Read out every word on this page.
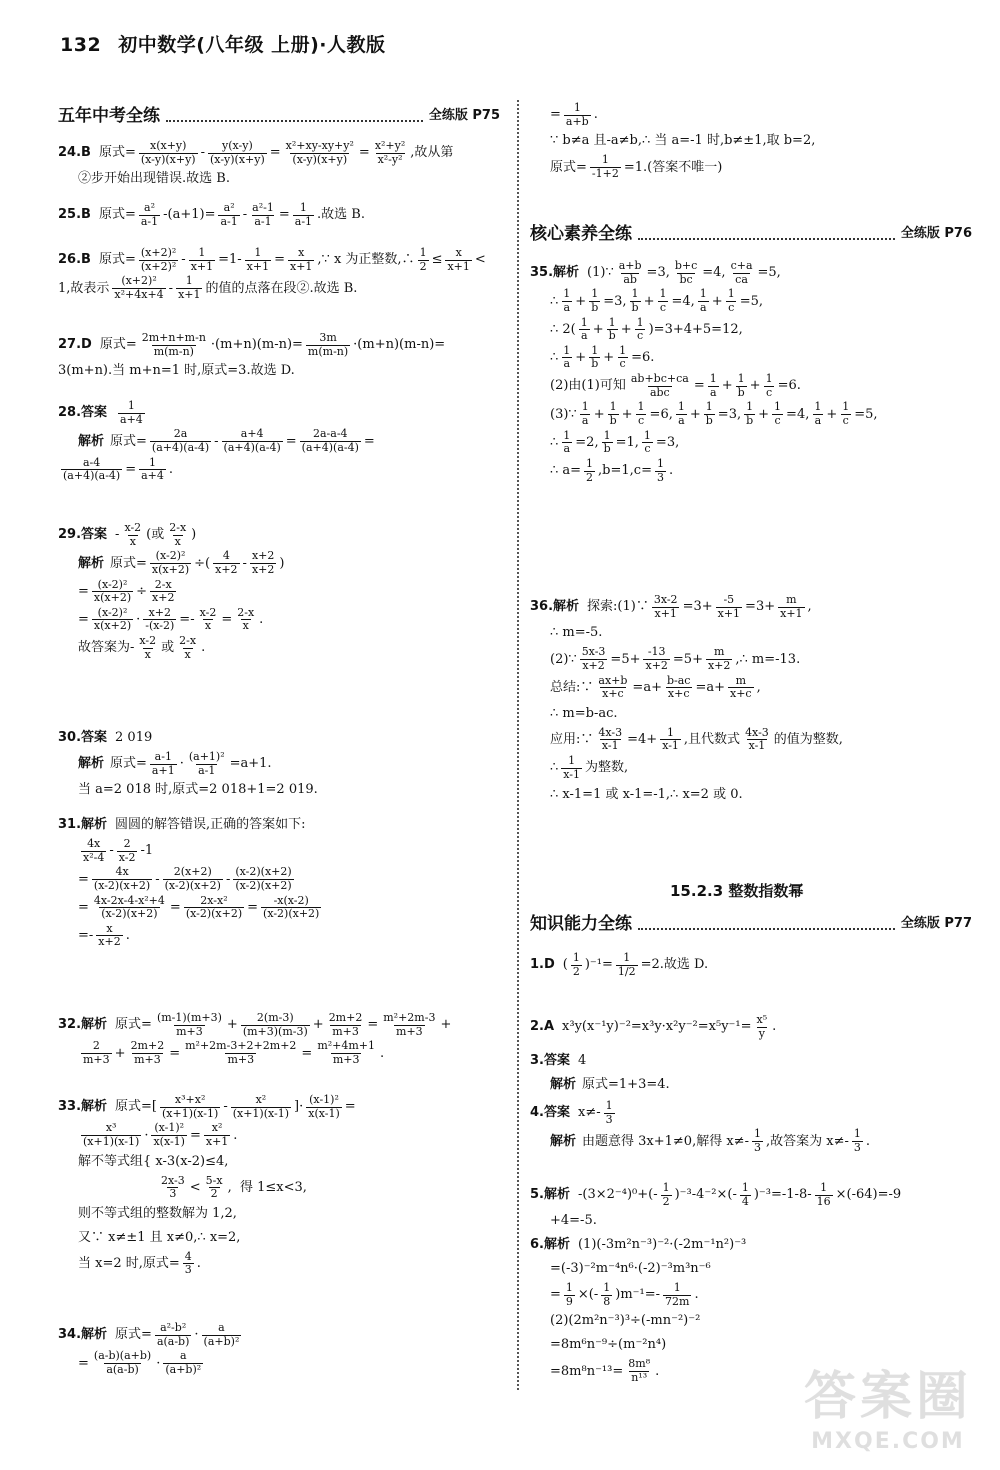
132 初中数学(八年级 上册)·人教版
五年中考全练	全练版 P75
24.B 原式= $\frac{x(x+y)}{(x-y)(x+y)} - \frac{y(x-y)}{(x-y)(x+y)} = \frac{\text{x²+xy-xy+y²}}{(x-y)(x+y)} = \frac{\text{x²+y²}}{\text{x²-y²}}$ ,故从第
②步开始出现错误.故选 B.
25.B 原式= $\frac{\text{a²}}{a-1} -(a+1)= \frac{\text{a²}}{a-1} - \frac{\text{a²-1}}{a-1} = \frac{1}{a-1}$ .故选 B.
26.B 原式= $\frac{\text{(x+2)²}}{\text{(x+2)²}} - \frac{1}{x+1} =1- \frac{1}{x+1} = \frac{x}{x+1}$ ,∵ x 为正整数,∴ $\frac{1}{2} \le \frac{x}{x+1}$ <
1,故表示 $\frac{\text{(x+2)²}}{\text{x²+4x+4}} - \frac{1}{x+1}$ 的值的点落在段②.故选 B.
27.D 原式= $\frac{2m+n+m-n}{m(m-n)} \cdot(m+n)(m-n)= \frac{3m}{m(m-n)} \cdot(m+n)(m-n)=$
3(m+n).当 m+n=1 时,原式=3.故选 D.
28.答案 $\frac{1}{a+4}$
解析 原式= $\frac{2a}{(a+4)(a-4)} - \frac{a+4}{(a+4)(a-4)} = \frac{2a-a-4}{(a+4)(a-4)}$ =
$\frac{a-4}{(a+4)(a-4)} = \frac{1}{a+4}$ .
29.答案 - $\frac{x-2}{x}$ (或 $\frac{2-x}{x}$ )
解析 原式= $\frac{\text{(x-2)²}}{x(x+2)}$ ÷( $\frac{4}{x+2} - \frac{x+2}{x+2}$ )
= $\frac{\text{(x-2)²}}{x(x+2)} \div \frac{2-x}{x+2}$
= $\frac{\text{(x-2)²}}{x(x+2)} \cdot \frac{x+2}{-(x-2)} =- \frac{x-2}{x} = \frac{2-x}{x}$ .
故答案为- $\frac{x-2}{x}$ 或 $\frac{2-x}{x}$ .
30.答案 2 019
解析 原式= $\frac{a-1}{a+1} \cdot \frac{\text{(a+1)²}}{a-1} =a+1$.
当 a=2 018 时,原式=2 018+1=2 019.
31.解析 圆圆的解答错误,正确的答案如下:
$\frac{4x}{\text{x²-4}} - \frac{2}{x-2} -1$
= $\frac{4x}{(x-2)(x+2)} - \frac{2(x+2)}{(x-2)(x+2)} - \frac{(x-2)(x+2)}{(x-2)(x+2)}$
= $\frac{\text{4x-2x-4-x²+4}}{(x-2)(x+2)} = \frac{\text{2x-x²}}{(x-2)(x+2)} = \frac{-x(x-2)}{(x-2)(x+2)}$
=- $\frac{x}{x+2}$ .
32.解析 原式= $\frac{(m-1)(m+3)}{m+3} + \frac{2(m-3)}{(m+3)(m-3)} + \frac{2m+2}{m+3} = \frac{\text{m²+2m-3}}{m+3}$ +
$\frac{2}{m+3} + \frac{2m+2}{m+3} = \frac{\text{m²+2m-3+2+2m+2}}{m+3} = \frac{\text{m²+4m+1}}{m+3}$ .
33.解析 原式=[ $\frac{\text{x³+x²}}{(x+1)(x-1)} - \frac{\text{x²}}{(x+1)(x-1)}$ ]· $\frac{\text{(x-1)²}}{x(x-1)}$ =
$\frac{\text{x³}}{(x+1)(x-1)} \cdot \frac{\text{(x-1)²}}{x(x-1)} = \frac{\text{x²}}{x+1}$ .
解不等式组{ x-3(x-2)≤4,

$\frac{2x-3}{3} < \frac{5-x}{2}$ ,  得 1≤x<3,
则不等式组的整数解为 1,2,
又∵ x≠±1 且 x≠0,∴ x=2,
当 x=2 时,原式= $\frac{4}{3}$ .
34.解析 原式= $\frac{\text{a²-b²}}{a(a-b)} \cdot \frac{a}{\text{(a+b)²}}$
= $\frac{(a-b)(a+b)}{a(a-b)} \cdot \frac{a}{\text{(a+b)²}}$
= $\frac{1}{a+b}$ .
∵ b≠a 且-a≠b,∴ 当 a=-1 时,b≠±1,取 b=2,
原式= $\frac{1}{-1+2} =1$.(答案不唯一)
核心素养全练	全练版 P76
35.解析 (1)∵ $\frac{a+b}{ab} =3$, $\frac{b+c}{bc} =4$, $\frac{c+a}{ca} =5$,
∴ $\frac{1}{a} + \frac{1}{b} =3$, $\frac{1}{b} + \frac{1}{c} =4$, $\frac{1}{a} + \frac{1}{c} =5$,
∴ $2( \frac{1}{a} + \frac{1}{b} + \frac{1}{c} )=3+4+5=12$,
∴ $\frac{1}{a} + \frac{1}{b} + \frac{1}{c} =6$.
(2)由(1)可知 ab+bc+ca
abc = $\frac{1}{a} + \frac{1}{b} + \frac{1}{c} =6$.
(3)∵ $\frac{1}{a} + \frac{1}{b} + \frac{1}{c} =6$, $\frac{1}{a} + \frac{1}{b} =3$, $\frac{1}{b} + \frac{1}{c} =4$, $\frac{1}{a} + \frac{1}{c} =5$,
∴ $\frac{1}{a} =2$, $\frac{1}{b} =1$, $\frac{1}{c} =3$,
∴ $a= \frac{1}{2} ,b=1,c= \frac{1}{3}$ .
36.解析 探索:(1)∵ $\frac{3x-2}{x+1} =3+ \frac{-5}{x+1} =3+ \frac{m}{x+1}$ ,
∴ m=-5.
(2)∵ $\frac{5x-3}{x+2} =5+ \frac{-13}{x+2} =5+ \frac{m}{x+2}$ ,∴ m=-13.
总结:∵ $\frac{ax+b}{x+c} =a+ \frac{b-ac}{x+c} =a+ \frac{m}{x+c}$ ,
∴ m=b-ac.
应用:∵ $\frac{4x-3}{x-1} =4+ \frac{1}{x-1}$ ,且代数式 $\frac{4x-3}{x-1}$ 的值为整数,
∴ $\frac{1}{x-1}$ 为整数,
∴ x-1=1 或 x-1=-1,∴ x=2 或 0.
15.2.3 整数指数幂
知识能力全练	全练版 P77
1.D ( $\frac{1}{2} )^{-1}= \frac{1}{1/2} =2$.故选 D.
2.A $x^3y(x^{-1}y)^{-2}=x^3y\cdot x^2y^{-2}=x^5y^{-1}= \frac{\text{x⁵}}{y}$ .
3.答案 4
解析 原式=1+3=4.
4.答案 $x\ne- \frac{1}{3}$
解析 由题意得 3x+1≠0,解得 $x\ne- \frac{1}{3}$ ,故答案为 $x\ne- \frac{1}{3}$ .
5.解析 $-(3\times 2^{-4})^0+(- \frac{1}{2} )^{-3}-4^{-2}\times(- \frac{1}{4} )^{-3}=-1-8- \frac{1}{16} \times(-64)=-9$
+4=-5.
6.解析 (1)(-3m²n⁻³)⁻²·(-2m⁻¹n²)⁻³
=(-3)⁻²m⁻⁴n⁶·(-2)⁻³m³n⁻⁶
= $\frac{1}{9}$ ×(- $\frac{1}{8} )m^{-1}=- \frac{1}{72m}$ .
(2)(2m²n⁻³)³÷(-mn⁻²)⁻²
=8m⁶n⁻⁹÷(m⁻²n⁴)
$=8m^8n^{-13}= \frac{\text{8m⁸}}{\text{n¹³}}$ .	答案圈
MXQE.COM
